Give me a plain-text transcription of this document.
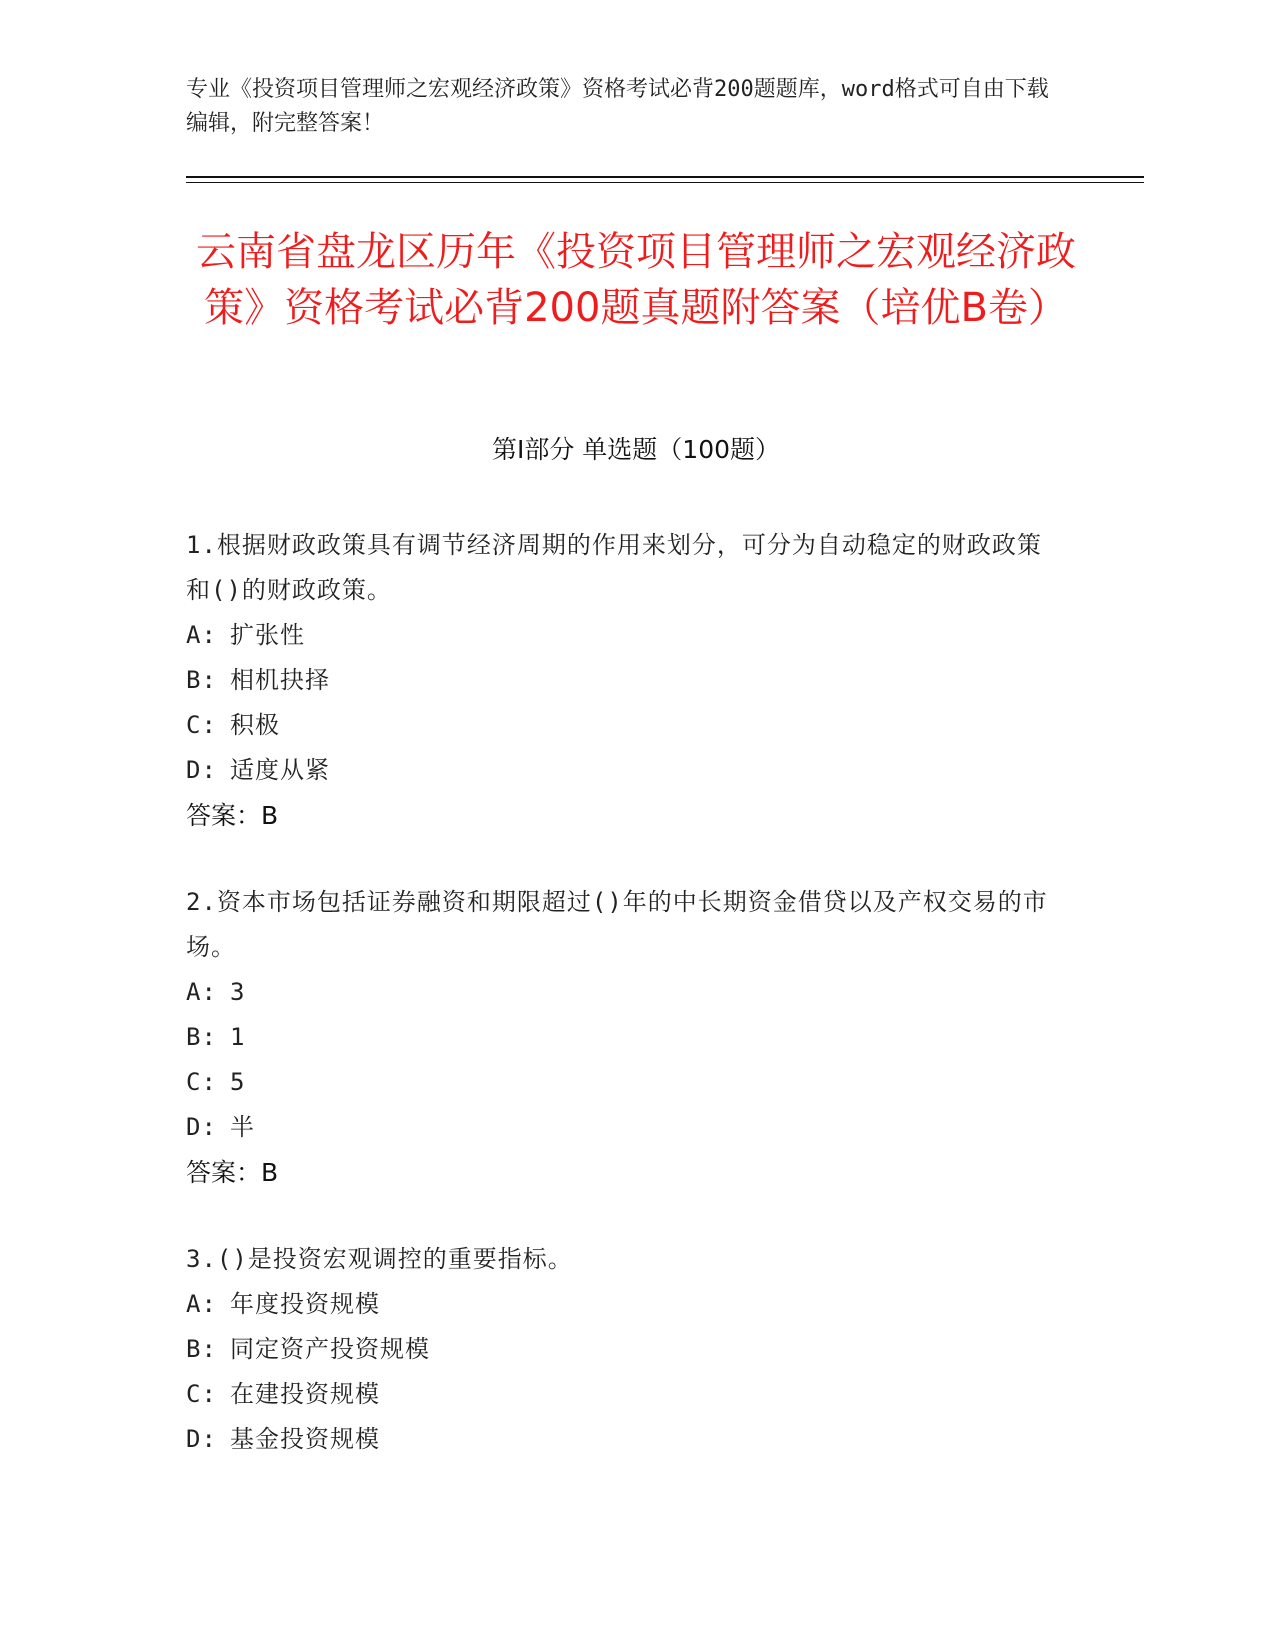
专业《投资项目管理师之宏观经济政策》资格考试必背200题题库，word格式可自由下载编辑，附完整答案！
云南省盘龙区历年《投资项目管理师之宏观经济政策》资格考试必背200题真题附答案（培优B卷）
第I部分 单选题（100题）
1.根据财政政策具有调节经济周期的作用来划分，可分为自动稳定的财政政策和()的财政政策。
A: 扩张性
B: 相机抉择
C: 积极
D: 适度从紧
答案：B
2.资本市场包括证券融资和期限超过()年的中长期资金借贷以及产权交易的市场。
A: 3
B: 1
C: 5
D: 半
答案：B
3.()是投资宏观调控的重要指标。
A: 年度投资规模
B: 同定资产投资规模
C: 在建投资规模
D: 基金投资规模
